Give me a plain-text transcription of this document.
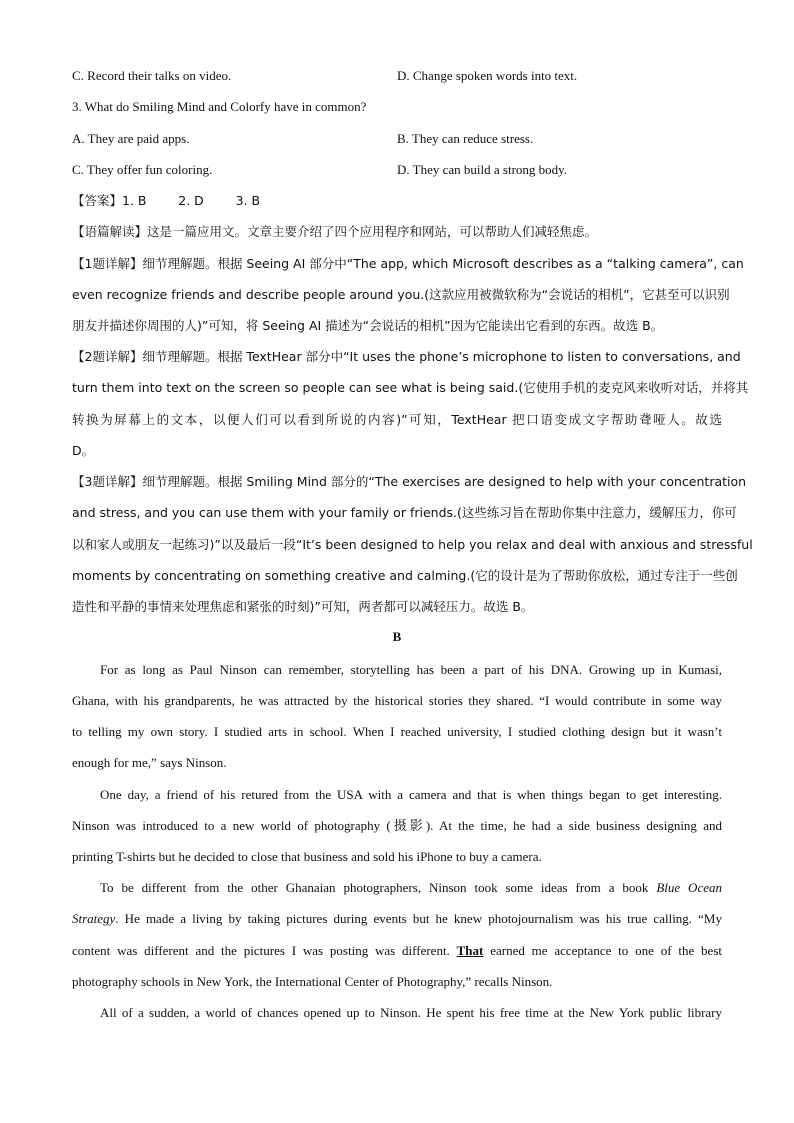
C. Record their talks on video.	D. Change spoken words into text.
3. What do Smiling Mind and Colorfy have in common?
A. They are paid apps.	B. They can reduce stress.
C. They offer fun coloring.	D. They can build a strong body.
【答案】1. B        2. D        3. B
【语篇解读】这是一篇应用文。文章主要介绍了四个应用程序和网站，可以帮助人们减轻焦虑。
【1题详解】细节理解题。根据 Seeing AI 部分中“The app, which Microsoft describes as a “talking camera”, can
even recognize friends and describe people around you.(这款应用被微软称为“会说话的相机”，它甚至可以识别
朋友并描述你周围的人)”可知，将 Seeing AI 描述为“会说话的相机”因为它能读出它看到的东西。故选 B。
【2题详解】细节理解题。根据 TextHear 部分中“It uses the phone’s microphone to listen to conversations, and
turn them into text on the screen so people can see what is being said.(它使用手机的麦克风来收听对话，并将其
转换为屏幕上的文本，以便人们可以看到所说的内容)”可知，TextHear 把口语变成文字帮助聋哑人。故选
D。
【3题详解】细节理解题。根据 Smiling Mind 部分的“The exercises are designed to help with your concentration
and stress, and you can use them with your family or friends.(这些练习旨在帮助你集中注意力，缓解压力，你可
以和家人或朋友一起练习)”以及最后一段“It’s been designed to help you relax and deal with anxious and stressful
moments by concentrating on something creative and calming.(它的设计是为了帮助你放松，通过专注于一些创
造性和平静的事情来处理焦虑和紧张的时刻)”可知，两者都可以减轻压力。故选 B。
B
For as long as Paul Ninson can remember, storytelling has been a part of his DNA. Growing up in Kumasi,
Ghana, with his grandparents, he was attracted by the historical stories they shared. “I would contribute in some way
to telling my own story. I studied arts in school. When I reached university, I studied clothing design but it wasn’t
enough for me,” says Ninson.
One day, a friend of his retured from the USA with a camera and that is when things began to get interesting.
Ninson was introduced to a new world of photography (摄影). At the time, he had a side business designing and
printing T-shirts but he decided to close that business and sold his iPhone to buy a camera.
To be different from the other Ghanaian photographers, Ninson took some ideas from a book Blue Ocean
Strategy. He made a living by taking pictures during events but he knew photojournalism was his true calling. “My
content was different and the pictures I was posting was different. That earned me acceptance to one of the best
photography schools in New York, the International Center of Photography,” recalls Ninson.
All of a sudden, a world of chances opened up to Ninson. He spent his free time at the New York public library
